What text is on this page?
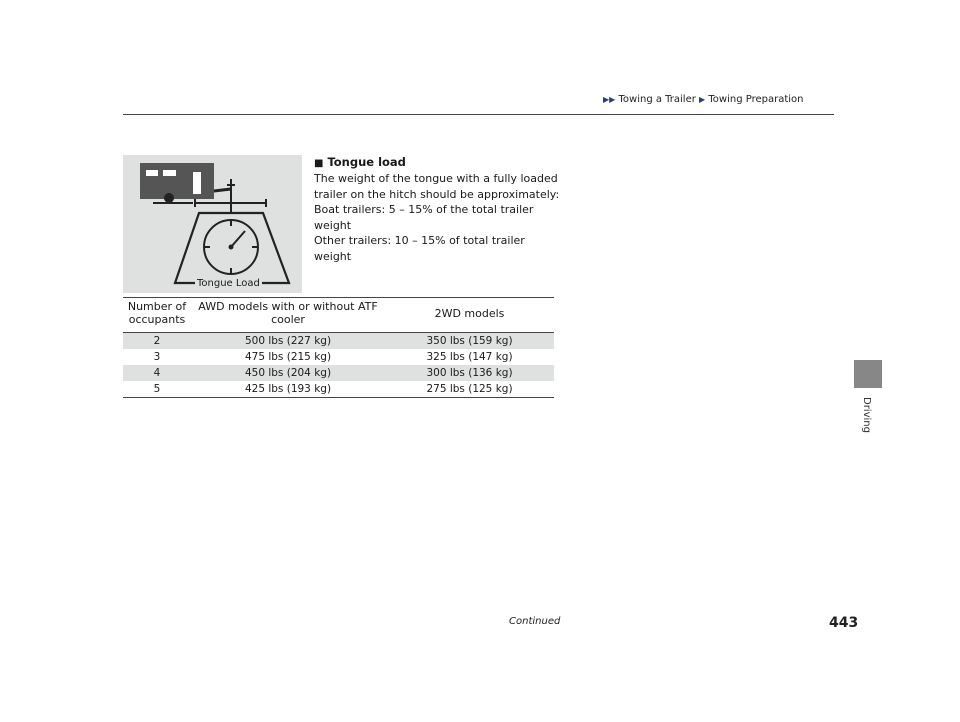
▶▶ Towing a Trailer ▶ Towing Preparation
Driving
Tongue Load
■ Tongue load

The weight of the tongue with a fully loaded
trailer on the hitch should be approximately:
Boat trailers: 5 – 15% of the total trailer
weight
Other trailers: 10 – 15% of total trailer weight

Number of occupants	AWD models with or without ATF cooler	2WD models
2	500 lbs (227 kg)	350 lbs (159 kg)
3	475 lbs (215 kg)	325 lbs (147 kg)
4	450 lbs (204 kg)	300 lbs (136 kg)
5	425 lbs (193 kg)	275 lbs (125 kg)
Continued	443
